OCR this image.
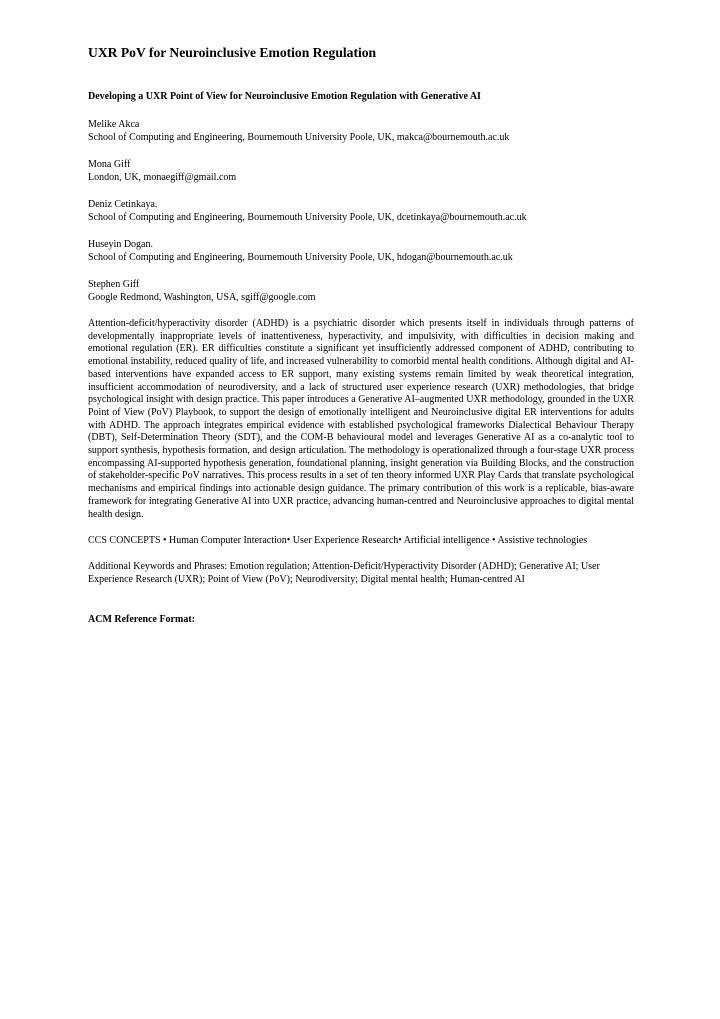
UXR PoV for Neuroinclusive Emotion Regulation

Developing a UXR Point of View for Neuroinclusive Emotion Regulation with Generative AI

Melike Akca
School of Computing and Engineering, Bournemouth University Poole, UK, makca@bournemouth.ac.uk

Mona Giff
London, UK, monaegiff@gmail.com

Deniz Cetinkaya.
School of Computing and Engineering, Bournemouth University Poole, UK, dcetinkaya@bournemouth.ac.uk

Huseyin Dogan.
School of Computing and Engineering, Bournemouth University Poole, UK, hdogan@bournemouth.ac.uk

Stephen Giff
Google Redmond, Washington, USA, sgiff@google.com

Attention-deficit/hyperactivity disorder (ADHD) is a psychiatric disorder which presents itself in individuals through patterns of developmentally inappropriate levels of inattentiveness, hyperactivity, and impulsivity, with difficulties in decision making and emotional regulation (ER). ER difficulties constitute a significant yet insufficiently addressed component of ADHD, contributing to emotional instability, reduced quality of life, and increased vulnerability to comorbid mental health conditions. Although digital and AI-based interventions have expanded access to ER support, many existing systems remain limited by weak theoretical integration, insufficient accommodation of neurodiversity, and a lack of structured user experience research (UXR) methodologies, that bridge psychological insight with design practice. This paper introduces a Generative AI–augmented UXR methodology, grounded in the UXR Point of View (PoV) Playbook, to support the design of emotionally intelligent and Neuroinclusive digital ER interventions for adults with ADHD. The approach integrates empirical evidence with established psychological frameworks Dialectical Behaviour Therapy (DBT), Self-Determination Theory (SDT), and the COM-B behavioural model and leverages Generative AI as a co-analytic tool to support synthesis, hypothesis formation, and design articulation. The methodology is operationalized through a four-stage UXR process encompassing AI-supported hypothesis generation, foundational planning, insight generation via Building Blocks, and the construction of stakeholder-specific PoV narratives. This process results in a set of ten theory informed UXR Play Cards that translate psychological mechanisms and empirical findings into actionable design guidance. The primary contribution of this work is a replicable, bias-aware framework for integrating Generative AI into UXR practice, advancing human-centred and Neuroinclusive approaches to digital mental health design.

CCS CONCEPTS • Human Computer Interaction• User Experience Research• Artificial intelligence • Assistive technologies

Additional Keywords and Phrases: Emotion regulation; Attention-Deficit/Hyperactivity Disorder (ADHD); Generative AI; User Experience Research (UXR); Point of View (PoV); Neurodiversity; Digital mental health; Human-centred AI

ACM Reference Format:
